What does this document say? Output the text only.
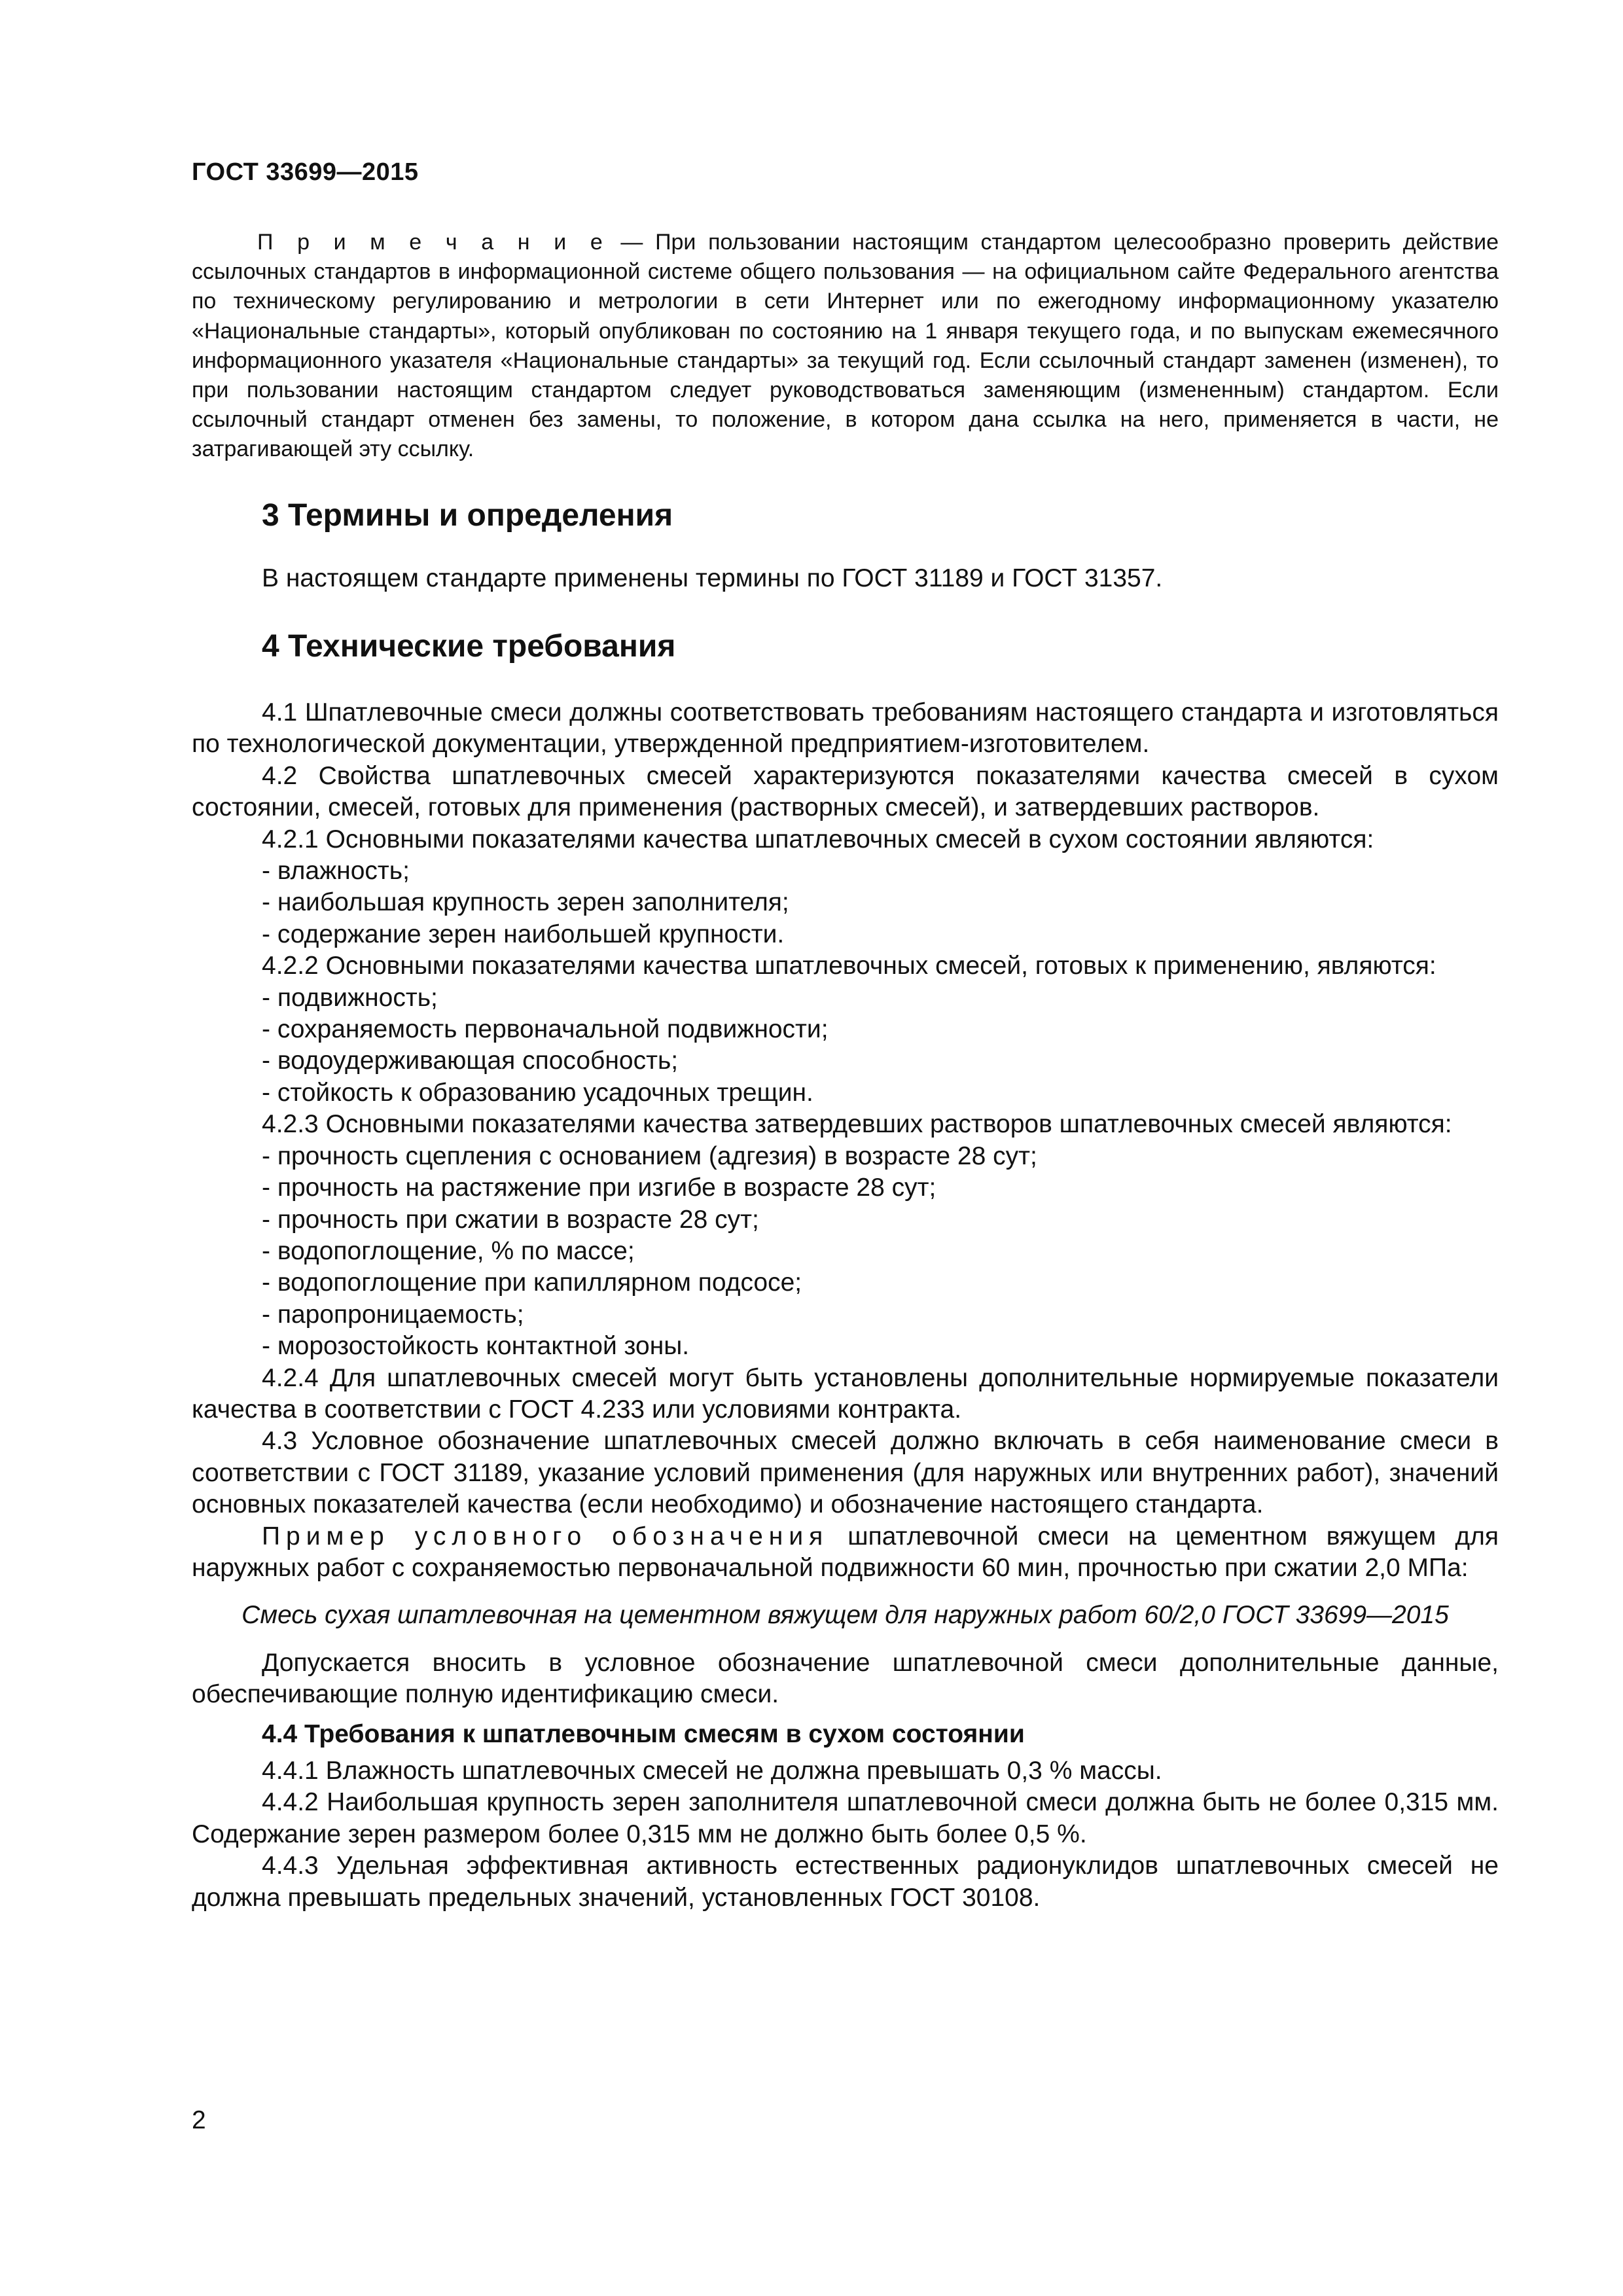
ГОСТ 33699—2015

П р и м е ч а н и е — При пользовании настоящим стандартом целесообразно проверить действие ссылочных стандартов в информационной системе общего пользования — на официальном сайте Федерального агентства по техническому регулированию и метрологии в сети Интернет или по ежегодному информационному указателю «Национальные стандарты», который опубликован по состоянию на 1 января текущего года, и по выпускам ежемесячного информационного указателя «Национальные стандарты» за текущий год. Если ссылочный стандарт заменен (изменен), то при пользовании настоящим стандартом следует руководствоваться заменяющим (измененным) стандартом. Если ссылочный стандарт отменен без замены, то положение, в котором дана ссылка на него, применяется в части, не затрагивающей эту ссылку.

3 Термины и определения
В настоящем стандарте применены термины по ГОСТ 31189 и ГОСТ 31357.
4 Технические требования

4.1 Шпатлевочные смеси должны соответствовать требованиям настоящего стандарта и изготовляться по технологической документации, утвержденной предприятием-изготовителем.

4.2 Свойства шпатлевочных смесей характеризуются показателями качества смесей в сухом состоянии, смесей, готовых для применения (растворных смесей), и затвердевших растворов.

4.2.1 Основными показателями качества шпатлевочных смесей в сухом состоянии являются:

- влажность;

- наибольшая крупность зерен заполнителя;

- содержание зерен наибольшей крупности.

4.2.2 Основными показателями качества шпатлевочных смесей, готовых к применению, являются:

- подвижность;

- сохраняемость первоначальной подвижности;

- водоудерживающая способность;

- стойкость к образованию усадочных трещин.

4.2.3 Основными показателями качества затвердевших растворов шпатлевочных смесей являются:

- прочность сцепления с основанием (адгезия) в возрасте 28 сут;

- прочность на растяжение при изгибе в возрасте 28 сут;

- прочность при сжатии в возрасте 28 сут;

- водопоглощение, % по массе;

- водопоглощение при капиллярном подсосе;

- паропроницаемость;

- морозостойкость контактной зоны.

4.2.4 Для шпатлевочных смесей могут быть установлены дополнительные нормируемые показатели качества в соответствии с ГОСТ 4.233 или условиями контракта.

4.3 Условное обозначение шпатлевочных смесей должно включать в себя наименование смеси в соответствии с ГОСТ 31189, указание условий применения (для наружных или внутренних работ), значений основных показателей качества (если необходимо) и обозначение настоящего стандарта.

Пример условного обозначения шпатлевочной смеси на цементном вяжущем для наружных работ с сохраняемостью первоначальной подвижности 60 мин, прочностью при сжатии 2,0 МПа:

Смесь сухая шпатлевочная на цементном вяжущем для наружных работ 60/2,0 ГОСТ 33699—2015

Допускается вносить в условное обозначение шпатлевочной смеси дополнительные данные, обеспечивающие полную идентификацию смеси.

4.4 Требования к шпатлевочным смесям в сухом состоянии

4.4.1 Влажность шпатлевочных смесей не должна превышать 0,3 % массы.

4.4.2 Наибольшая крупность зерен заполнителя шпатлевочной смеси должна быть не более 0,315 мм. Содержание зерен размером более 0,315 мм не должно быть более 0,5 %.

4.4.3 Удельная эффективная активность естественных радионуклидов шпатлевочных смесей не должна превышать предельных значений, установленных ГОСТ 30108.

2
